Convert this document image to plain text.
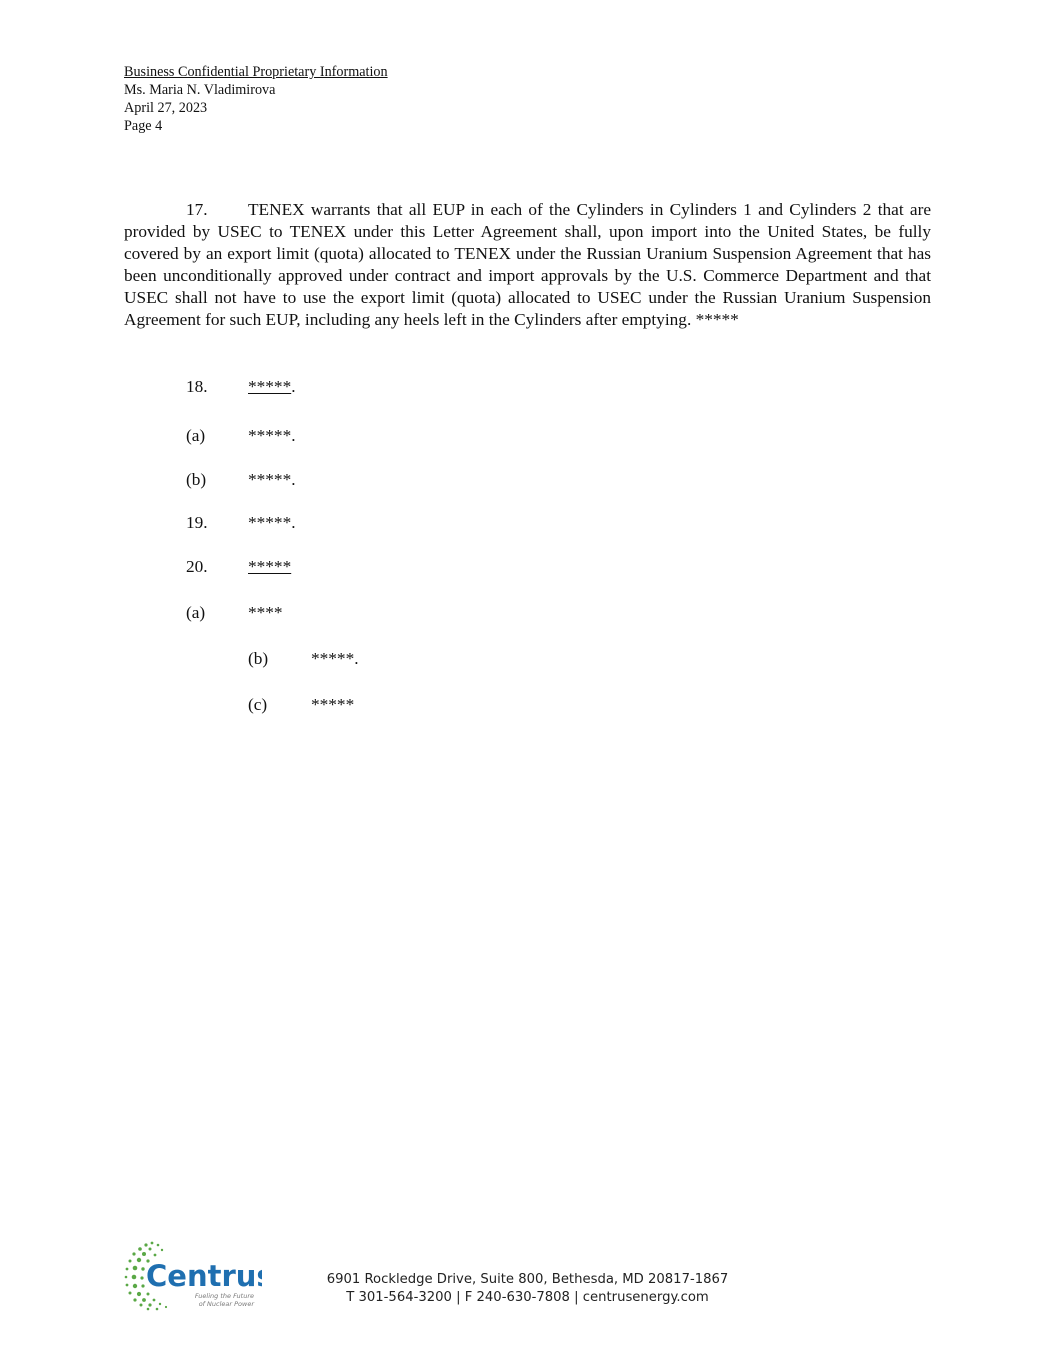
Business Confidential Proprietary Information
Ms. Maria N. Vladimirova
April 27, 2023
Page 4

17. TENEX warrants that all EUP in each of the Cylinders in Cylinders 1 and Cylinders 2 that are provided by USEC to TENEX under this Letter Agreement shall, upon import into the United States, be fully covered by an export limit (quota) allocated to TENEX under the Russian Uranium Suspension Agreement that has been unconditionally approved under contract and import approvals by the U.S. Commerce Department and that USEC shall not have to use the export limit (quota) allocated to USEC under the Russian Uranium Suspension Agreement for such EUP, including any heels left in the Cylinders after emptying. *****

18. *****.
(a) *****.
(b) *****.
19. *****.
20. *****
(a) ****
(b) *****.
(c)	*****
Centrus
Fueling the Future
of Nuclear Power
6901 Rockledge Drive, Suite 800, Bethesda, MD 20817-1867
T 301-564-3200 | F 240-630-7808 | centrusenergy.com
